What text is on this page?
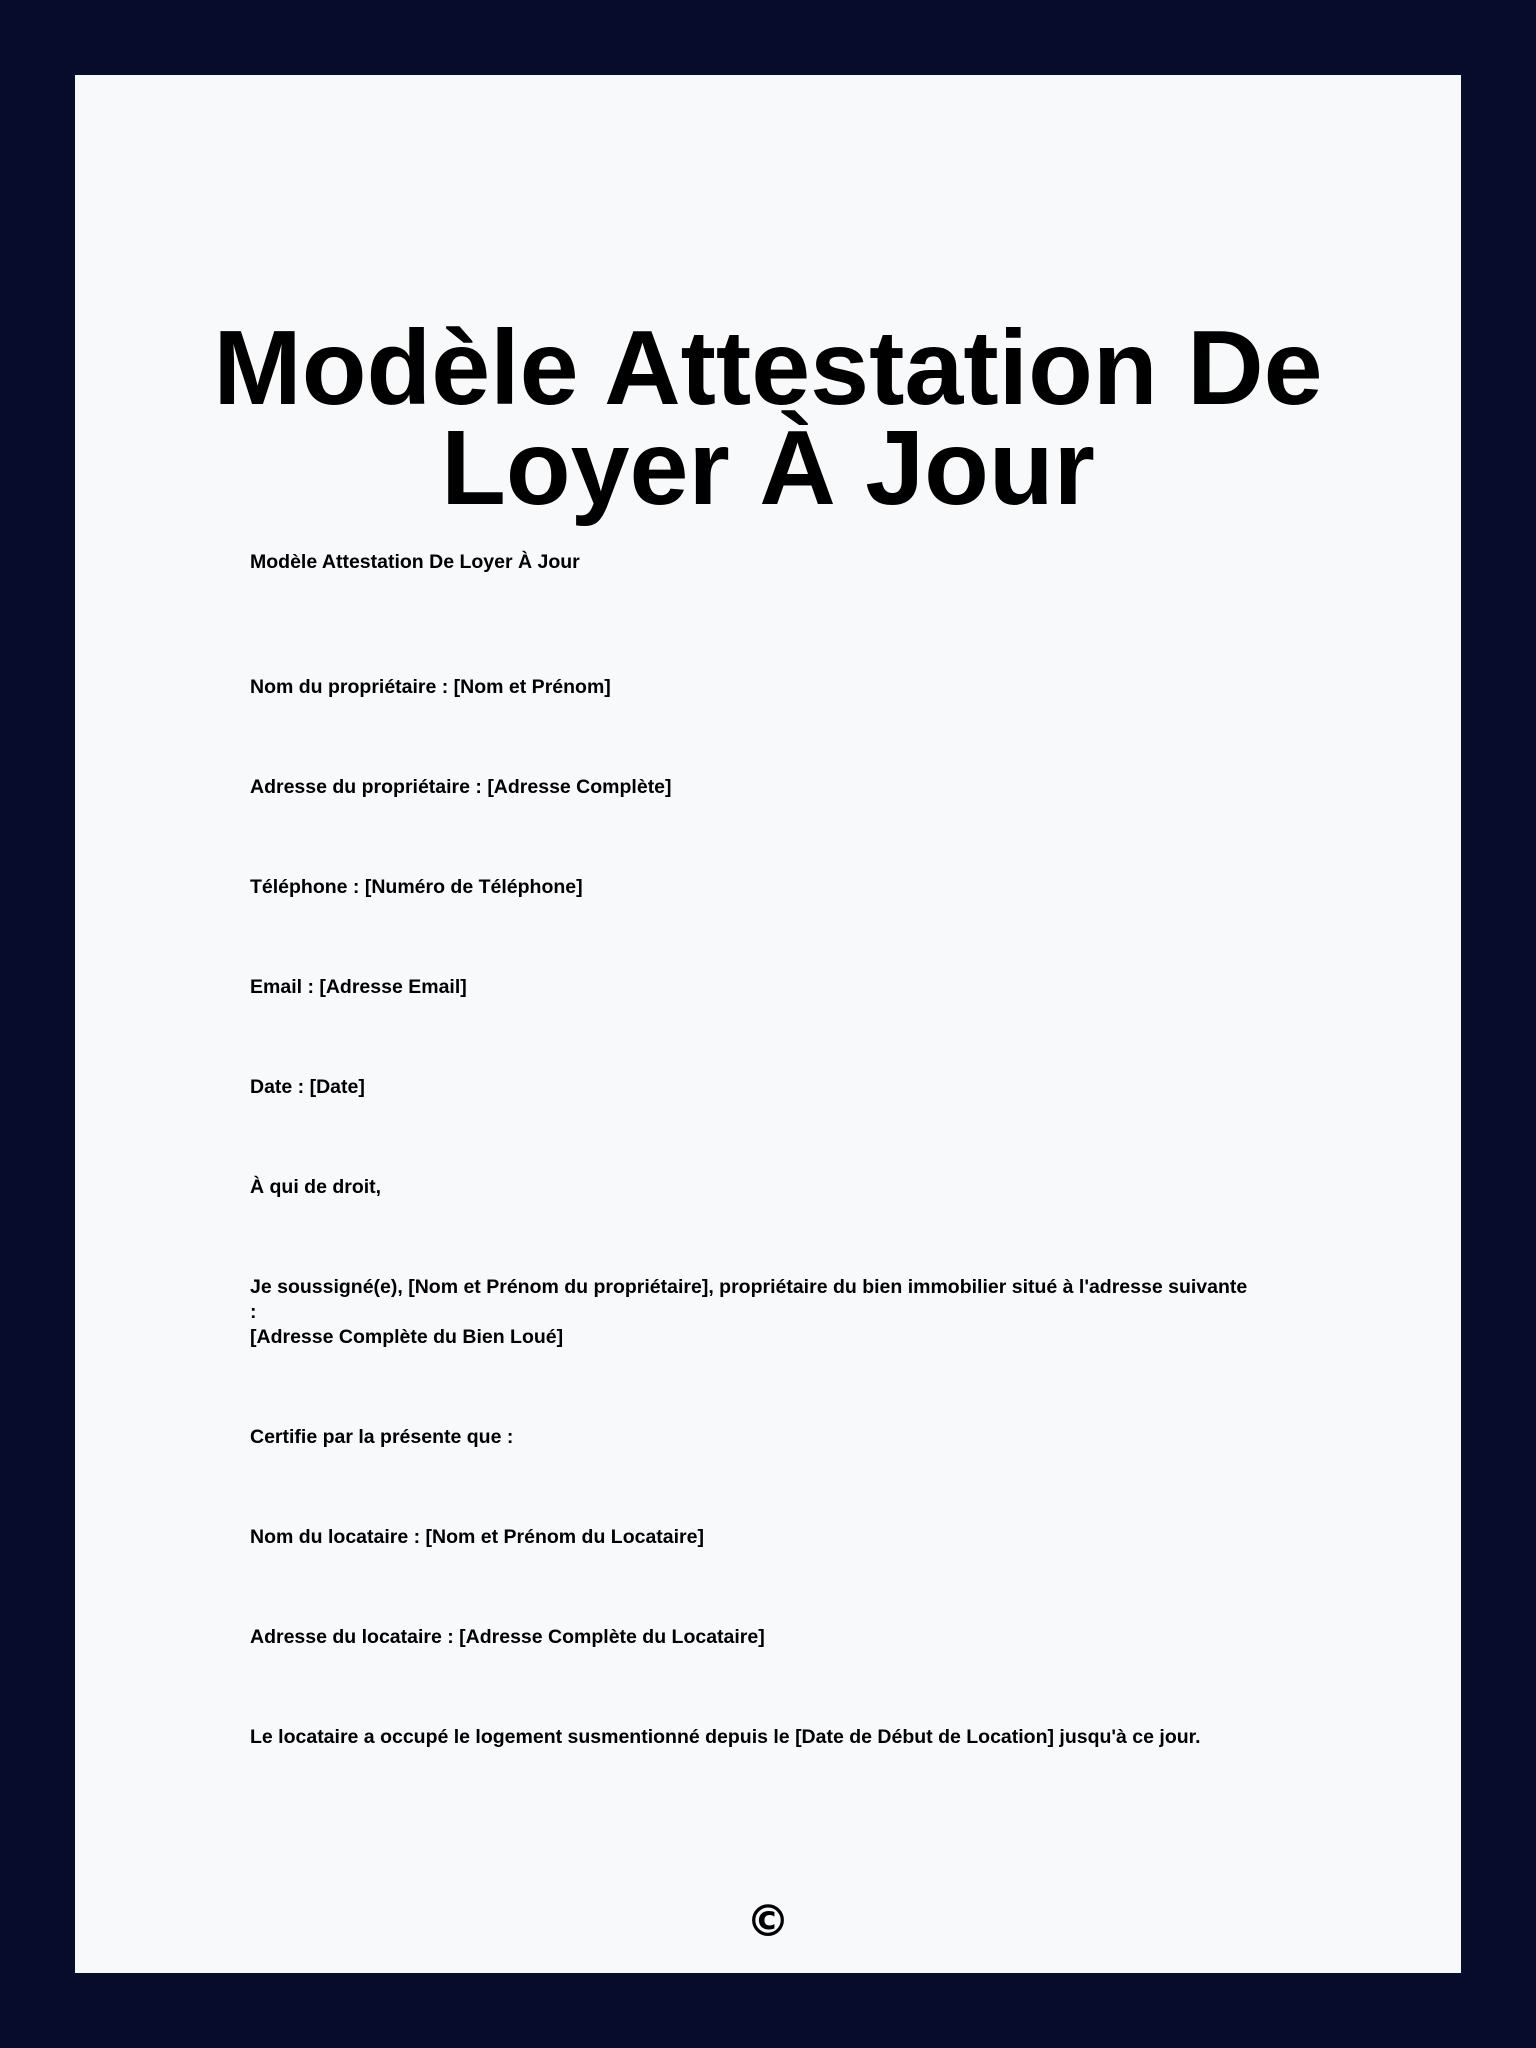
Modèle Attestation De Loyer À Jour

Modèle Attestation De Loyer À Jour

Nom du propriétaire : [Nom et Prénom]

Adresse du propriétaire : [Adresse Complète]

Téléphone : [Numéro de Téléphone]

Email : [Adresse Email]

Date : [Date]

À qui de droit,

Je soussigné(e), [Nom et Prénom du propriétaire], propriétaire du bien immobilier situé à l'adresse suivante :
[Adresse Complète du Bien Loué]

Certifie par la présente que :

Nom du locataire : [Nom et Prénom du Locataire]

Adresse du locataire : [Adresse Complète du Locataire]

Le locataire a occupé le logement susmentionné depuis le [Date de Début de Location] jusqu'à ce jour.

©
